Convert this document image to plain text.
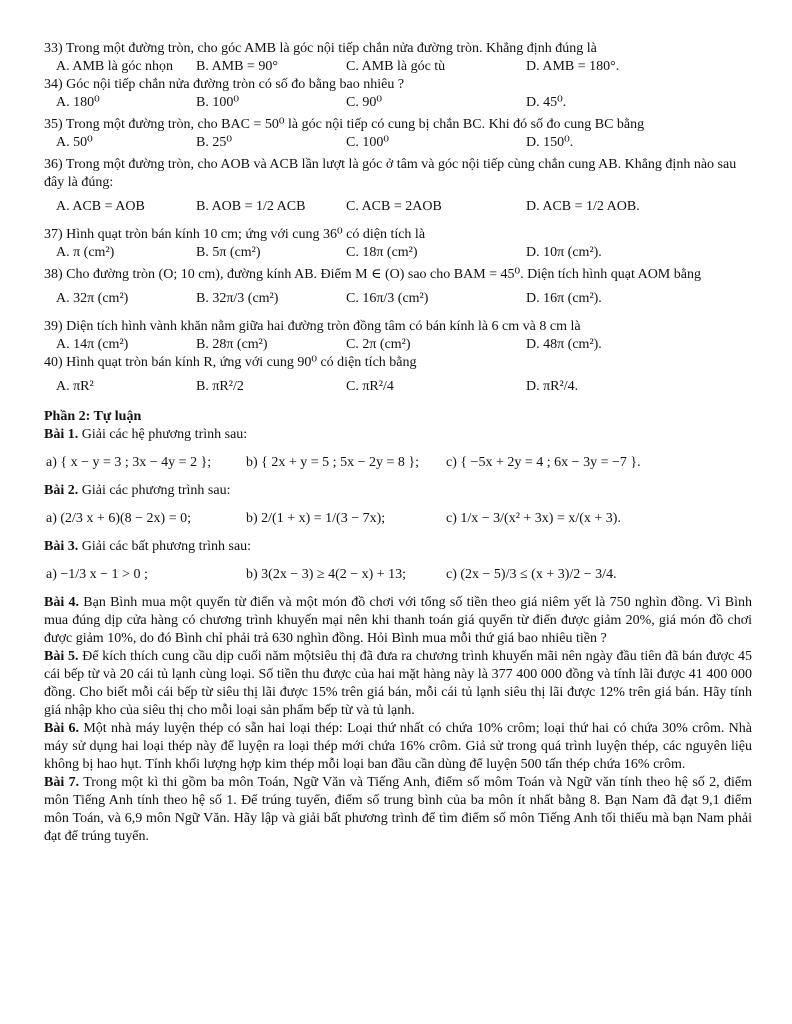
33) Trong một đường tròn, cho góc AMB là góc nội tiếp chắn nửa đường tròn. Khẳng định đúng là

A. AMB là góc nhọn	B. AMB = 90°	C. AMB là góc tù	D. AMB = 180°.

34) Góc nội tiếp chắn nửa đường tròn có số đo bằng bao nhiêu ?

A. 180⁰	B. 100⁰	C. 90⁰	D. 45⁰.

35) Trong một đường tròn, cho BAC = 50⁰ là góc nội tiếp có cung bị chắn BC. Khi đó số đo cung BC bằng

A. 50⁰	B. 25⁰	C. 100⁰	D. 150⁰.

36) Trong một đường tròn, cho AOB và ACB lần lượt là góc ở tâm và góc nội tiếp cùng chắn cung AB. Khẳng định nào sau đây là đúng:

A. ACB = AOB	B. AOB = 1/2 ACB	C. ACB = 2AOB	D. ACB = 1/2 AOB.

37) Hình quạt tròn bán kính 10 cm; ứng với cung 36⁰ có diện tích là

A. π (cm²)	B. 5π (cm²)	C. 18π (cm²)	D. 10π (cm²).

38) Cho đường tròn (O; 10 cm), đường kính AB. Điểm M ∈ (O) sao cho BAM = 45⁰. Diện tích hình quạt AOM bằng

A. 32π (cm²)	B. 32π/3 (cm²)	C. 16π/3 (cm²)	D. 16π (cm²).

39) Diện tích hình vành khăn nằm giữa hai đường tròn đồng tâm có bán kính là 6 cm và 8 cm là

A. 14π (cm²)	B. 28π (cm²)	C. 2π (cm²)	D. 48π (cm²).

40) Hình quạt tròn bán kính R, ứng với cung 90⁰ có diện tích bằng

A. πR²	B. πR²/2	C. πR²/4	D. πR²/4.
Phần 2: Tự luận

Bài 1. Giải các hệ phương trình sau:

a) { x − y = 3 ; 3x − 4y = 2 };	b) { 2x + y = 5 ; 5x − 2y = 8 };	c) { −5x + 2y = 4 ; 6x − 3y = −7 }.

Bài 2. Giải các phương trình sau:

a) (2/3 x + 6)(8 − 2x) = 0;	b) 2/(1 + x) = 1/(3 − 7x);	c) 1/x − 3/(x² + 3x) = x/(x + 3).

Bài 3. Giải các bất phương trình sau:

a) −1/3 x − 1 > 0 ;	b) 3(2x − 3) ≥ 4(2 − x) + 13;	c) (2x − 5)/3 ≤ (x + 3)/2 − 3/4.

Bài 4. Bạn Bình mua một quyển từ điển và một món đồ chơi với tổng số tiền theo giá niêm yết là 750 nghìn đồng. Vì Bình mua đúng dịp cửa hàng có chương trình khuyến mại nên khi thanh toán giá quyển từ điển được giảm 20%, giá món đồ chơi được giảm 10%, do đó Bình chỉ phải trả 630 nghìn đồng. Hỏi Bình mua mỗi thứ giá bao nhiêu tiền ?

Bài 5. Để kích thích cung cầu dịp cuối năm mộtsiêu thị đã đưa ra chương trình khuyến mãi nên ngày đầu tiên đã bán được 45 cái bếp từ và 20 cái tủ lạnh cùng loại. Số tiền thu được của hai mặt hàng này là 377 400 000 đồng và tính lãi được 41 400 000 đồng. Cho biết mỗi cái bếp từ siêu thị lãi được 15% trên giá bán, mỗi cái tủ lạnh siêu thị lãi được 12% trên giá bán. Hãy tính giá nhập kho của siêu thị cho mỗi loại sản phẩm bếp từ và tủ lạnh.

Bài 6. Một nhà máy luyện thép có sẵn hai loại thép: Loại thứ nhất có chứa 10% crôm; loại thứ hai có chứa 30% crôm. Nhà máy sử dụng hai loại thép này để luyện ra loại thép mới chứa 16% crôm. Giả sử trong quá trình luyện thép, các nguyên liệu không bị hao hụt. Tính khối lượng hợp kim thép mỗi loại ban đầu cần dùng để luyện 500 tấn thép chứa 16% crôm.

Bài 7. Trong một kì thi gồm ba môn Toán, Ngữ Văn và Tiếng Anh, điểm số môm Toán và Ngữ văn tính theo hệ số 2, điểm môn Tiếng Anh tính theo hệ số 1. Để trúng tuyển, điểm số trung bình của ba môn ít nhất bằng 8. Bạn Nam đã đạt 9,1 điểm môn Toán, và 6,9 môn Ngữ Văn. Hãy lập và giải bất phương trình để tìm điểm số môn Tiếng Anh tối thiểu mà bạn Nam phải đạt để trúng tuyển.
